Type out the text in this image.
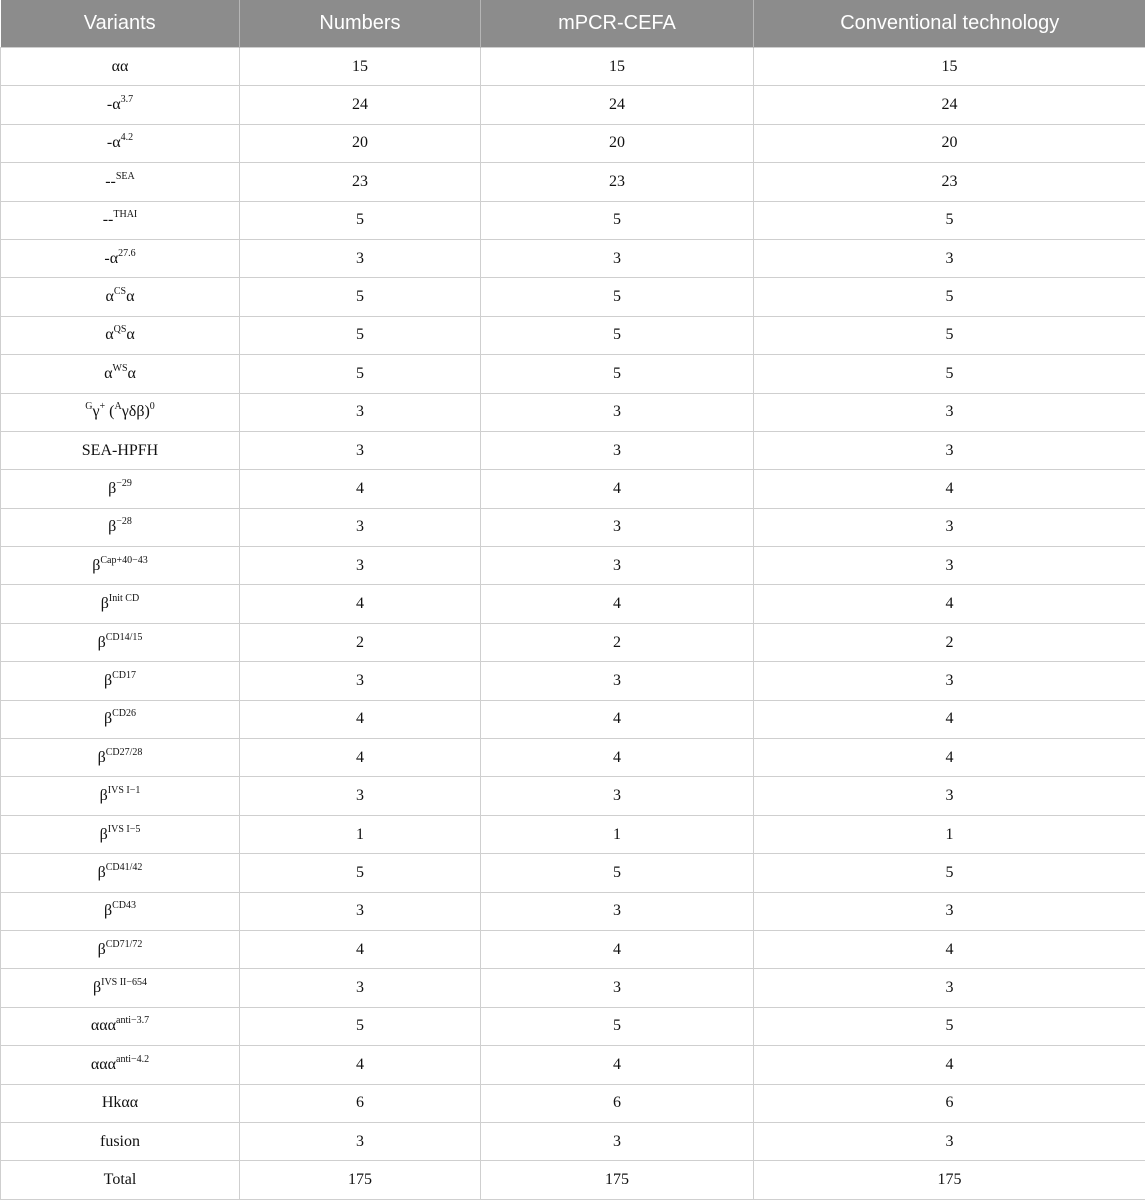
Variants	Numbers	mPCR-CEFA	Conventional technology
αα	15	15	15
$-\alpha^{3.7}$	24	24	24
$-\alpha^{4.2}$	20	20	20
--$^{SEA}$	23	23	23
--$^{THAI}$	5	5	5
$-\alpha^{27.6}$	3	3	3
$\alpha^{CS}\alpha$	5	5	5
$\alpha^{QS}\alpha$	5	5	5
$\alpha^{WS}\alpha$	5	5	5
$^G$γ+ $(^A\gamma\delta\beta)^0$	3	3	3
SEA-HPFH	3	3	3
$\beta^{-29}$	4	4	4
$\beta^{-28}$	3	3	3
$\beta^{Cap+40-43}$	3	3	3
$\beta^{Init CD}$	4	4	4
$\beta^{CD14/15}$	2	2	2
$\beta^{CD17}$	3	3	3
$\beta^{CD26}$	4	4	4
$\beta^{CD27/28}$	4	4	4
$\beta^{IVS I-1}$	3	3	3
$\beta^{IVS I-5}$	1	1	1
$\beta^{CD41/42}$	5	5	5
$\beta^{CD43}$	3	3	3
$\beta^{CD71/72}$	4	4	4
$\beta^{IVS II-654}$	3	3	3
ααα$^{anti-3.7}$	5	5	5
ααα$^{anti-4.2}$	4	4	4
Hkαα	6	6	6
fusion	3	3	3
Total	175	175	175
